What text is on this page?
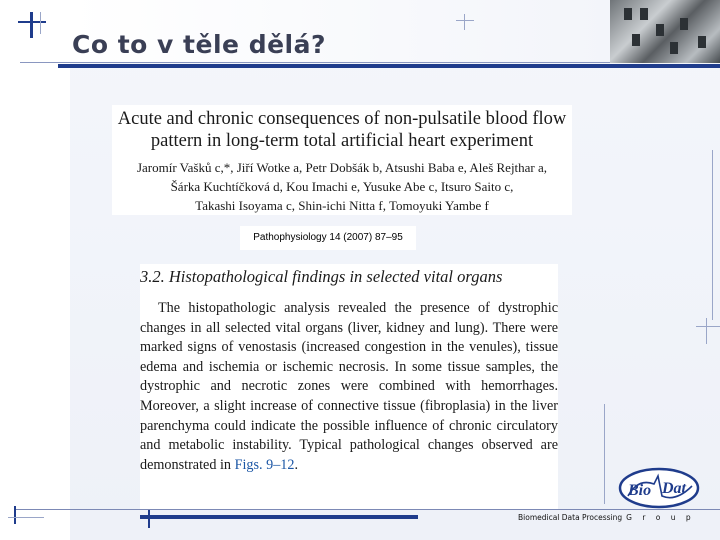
Co to v těle dělá?

Acute and chronic consequences of non-pulsatile blood flow

pattern in long-term total artificial heart experiment

Jaromír Vašků c,*, Jiří Wotke a, Petr Dobšák b, Atsushi Baba e, Aleš Rejthar a,

Šárka Kuchtíčková d, Kou Imachi e, Yusuke Abe c, Itsuro Saito c,

Takashi Isoyama c, Shin-ichi Nitta f, Tomoyuki Yambe f

Pathophysiology 14 (2007) 87–95

3.2. Histopathological findings in selected vital organs

The histopathologic analysis revealed the presence of dystrophic changes in all selected vital organs (liver, kidney and lung). There were marked signs of venostasis (increased congestion in the venules), tissue edema and ischemia or ischemic necrosis. In some tissue samples, the dystrophic and necrotic zones were combined with hemorrhages. Moreover, a slight increase of connective tissue (fibroplasia) in the liver parenchyma could indicate the possible influence of chronic circulatory and metabolic instability. Typical pathological changes observed are demonstrated in Figs. 9–12.

Bio Dat
Biomedical Data Processing G r o u p
